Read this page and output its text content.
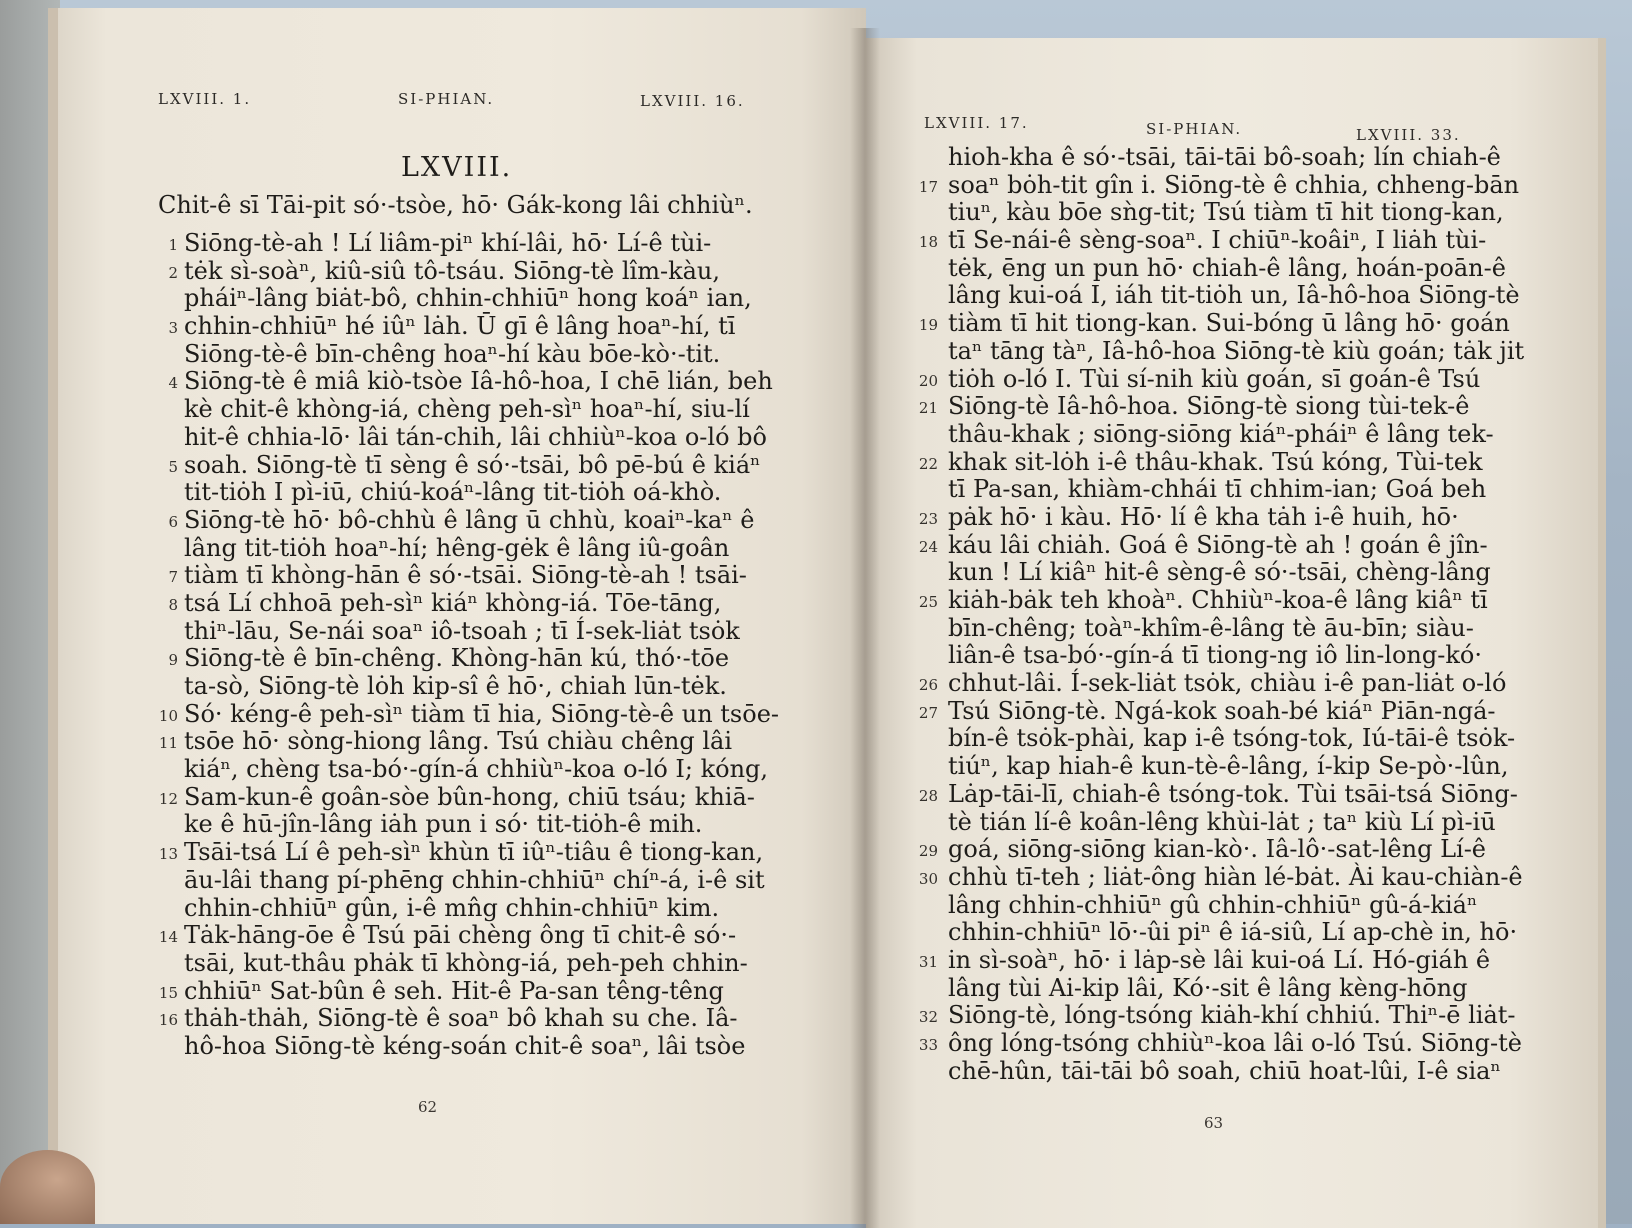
LXVIII. 1.	SI-PHIAN.	LXVIII. 16.
LXVIII.
Chit-ê sī Tāi-pit só·-tsòe, hō· Gák-kong lâi chhiùⁿ.
1 Siōng-tè-ah ! Lí liâm-piⁿ khí-lâi, hō· Lí-ê tùi-
2 tėk sì-soàⁿ, kiû-siû tô-tsáu. Siōng-tè lîm-kàu,
pháiⁿ-lâng biȧt-bô, chhin-chhiūⁿ hong koáⁿ ian,
3 chhin-chhiūⁿ hé iûⁿ lȧh. Ū gī ê lâng hoaⁿ-hí, tī
Siōng-tè-ê bīn-chêng hoaⁿ-hí kàu bōe-kò·-tit.
4 Siōng-tè ê miâ kiò-tsòe Iâ-hô-hoa, I chē lián, beh
kè chit-ê khòng-iá, chèng peh-sìⁿ hoaⁿ-hí, siu-lí
hit-ê chhia-lō· lâi tán-chih, lâi chhiùⁿ-koa o-ló bô
5 soah. Siōng-tè tī sèng ê só·-tsāi, bô pē-bú ê kiáⁿ
tit-tiȯh I pì-iū, chiú-koáⁿ-lâng tit-tiȯh oá-khò.
6 Siōng-tè hō· bô-chhù ê lâng ū chhù, koaiⁿ-kaⁿ ê
lâng tit-tiȯh hoaⁿ-hí; hêng-gėk ê lâng iû-goân
7 tiàm tī khòng-hān ê só·-tsāi. Siōng-tè-ah ! tsāi-
8 tsá Lí chhoā peh-sìⁿ kiáⁿ khòng-iá. Tōe-tāng,
thiⁿ-lāu, Se-nái soaⁿ iô-tsoah ; tī Í-sek-liȧt tsȯk
9 Siōng-tè ê bīn-chêng. Khòng-hān kú, thó·-tōe
ta-sò, Siōng-tè lȯh kip-sî ê hō·, chiah lūn-tėk.
10 Só· kéng-ê peh-sìⁿ tiàm tī hia, Siōng-tè-ê un tsōe-
11 tsōe hō· sòng-hiong lâng. Tsú chiàu chêng lâi
kiáⁿ, chèng tsa-bó·-gín-á chhiùⁿ-koa o-ló I; kóng,
12 Sam-kun-ê goân-sòe bûn-hong, chiū tsáu; khiā-
ke ê hū-jîn-lâng iȧh pun i só· tit-tiȯh-ê mih.
13 Tsāi-tsá Lí ê peh-sìⁿ khùn tī iûⁿ-tiâu ê tiong-kan,
āu-lâi thang pí-phēng chhin-chhiūⁿ chíⁿ-á, i-ê sit
chhin-chhiūⁿ gûn, i-ê mn̂g chhin-chhiūⁿ kim.
14 Tȧk-hāng-ōe ê Tsú pāi chèng ông tī chit-ê só·-
tsāi, kut-thâu phȧk tī khòng-iá, peh-peh chhin-
15 chhiūⁿ Sat-bûn ê seh. Hit-ê Pa-san têng-têng
16 thȧh-thȧh, Siōng-tè ê soaⁿ bô khah su che. Iâ-
hô-hoa Siōng-tè kéng-soán chit-ê soaⁿ, lâi tsòe
62
LXVIII. 17.	SI-PHIAN.	LXVIII. 33.
hioh-kha ê só·-tsāi, tāi-tāi bô-soah; lín chiah-ê
17 soaⁿ bȯh-tit gîn i. Siōng-tè ê chhia, chheng-bān
tiuⁿ, kàu bōe sǹg-tit; Tsú tiàm tī hit tiong-kan,
18 tī Se-nái-ê sèng-soaⁿ. I chiūⁿ-koâiⁿ, I liȧh tùi-
tėk, ēng un pun hō· chiah-ê lâng, hoán-poān-ê
lâng kui-oá I, iáh tit-tiȯh un, Iâ-hô-hoa Siōng-tè
19 tiàm tī hit tiong-kan. Sui-bóng ū lâng hō· goán
taⁿ tāng tàⁿ, Iâ-hô-hoa Siōng-tè kiù goán; tȧk jit
20 tiȯh o-ló I. Tùi sí-nih kiù goán, sī goán-ê Tsú
21 Siōng-tè Iâ-hô-hoa. Siōng-tè siong tùi-tek-ê
thâu-khak ; siōng-siōng kiáⁿ-pháiⁿ ê lâng tek-
22 khak sit-lȯh i-ê thâu-khak. Tsú kóng, Tùi-tek
tī Pa-san, khiàm-chhái tī chhim-ian; Goá beh
23 pȧk hō· i kàu. Hō· lí ê kha tȧh i-ê huih, hō·
24 káu lâi chiȧh. Goá ê Siōng-tè ah ! goán ê jîn-
kun ! Lí kiâⁿ hit-ê sèng-ê só·-tsāi, chèng-lâng
25 kiȧh-bȧk teh khoàⁿ. Chhiùⁿ-koa-ê lâng kiâⁿ tī
bīn-chêng; toàⁿ-khîm-ê-lâng tè āu-bīn; siàu-
liân-ê tsa-bó·-gín-á tī tiong-ng iô lin-long-kó·
26 chhut-lâi. Í-sek-liȧt tsȯk, chiàu i-ê pan-liȧt o-ló
27 Tsú Siōng-tè. Ngá-kok soah-bé kiáⁿ Piān-ngá-
bín-ê tsȯk-phài, kap i-ê tsóng-tok, Iú-tāi-ê tsȯk-
tiúⁿ, kap hiah-ê kun-tè-ê-lâng, í-kip Se-pò·-lûn,
28 Lȧp-tāi-lī, chiah-ê tsóng-tok. Tùi tsāi-tsá Siōng-
tè tián lí-ê koân-lêng khùi-lȧt ; taⁿ kiù Lí pì-iū
29 goá, siōng-siōng kian-kò·. Iâ-lô·-sat-lêng Lí-ê
30 chhù tī-teh ; liȧt-ông hiàn lé-bȧt. Ài kau-chiàn-ê
lâng chhin-chhiūⁿ gû chhin-chhiūⁿ gû-á-kiáⁿ
chhin-chhiūⁿ lō·-ûi piⁿ ê iá-siû, Lí ap-chè in, hō·
31 in sì-soàⁿ, hō· i lȧp-sè lâi kui-oá Lí. Hó-giáh ê
lâng tùi Ai-kip lâi, Kó·-sit ê lâng kèng-hōng
32 Siōng-tè, lóng-tsóng kiȧh-khí chhiú. Thiⁿ-ē liȧt-
33 ông lóng-tsóng chhiùⁿ-koa lâi o-ló Tsú. Siōng-tè
chē-hûn, tāi-tāi bô soah, chiū hoat-lûi, I-ê siaⁿ
63
